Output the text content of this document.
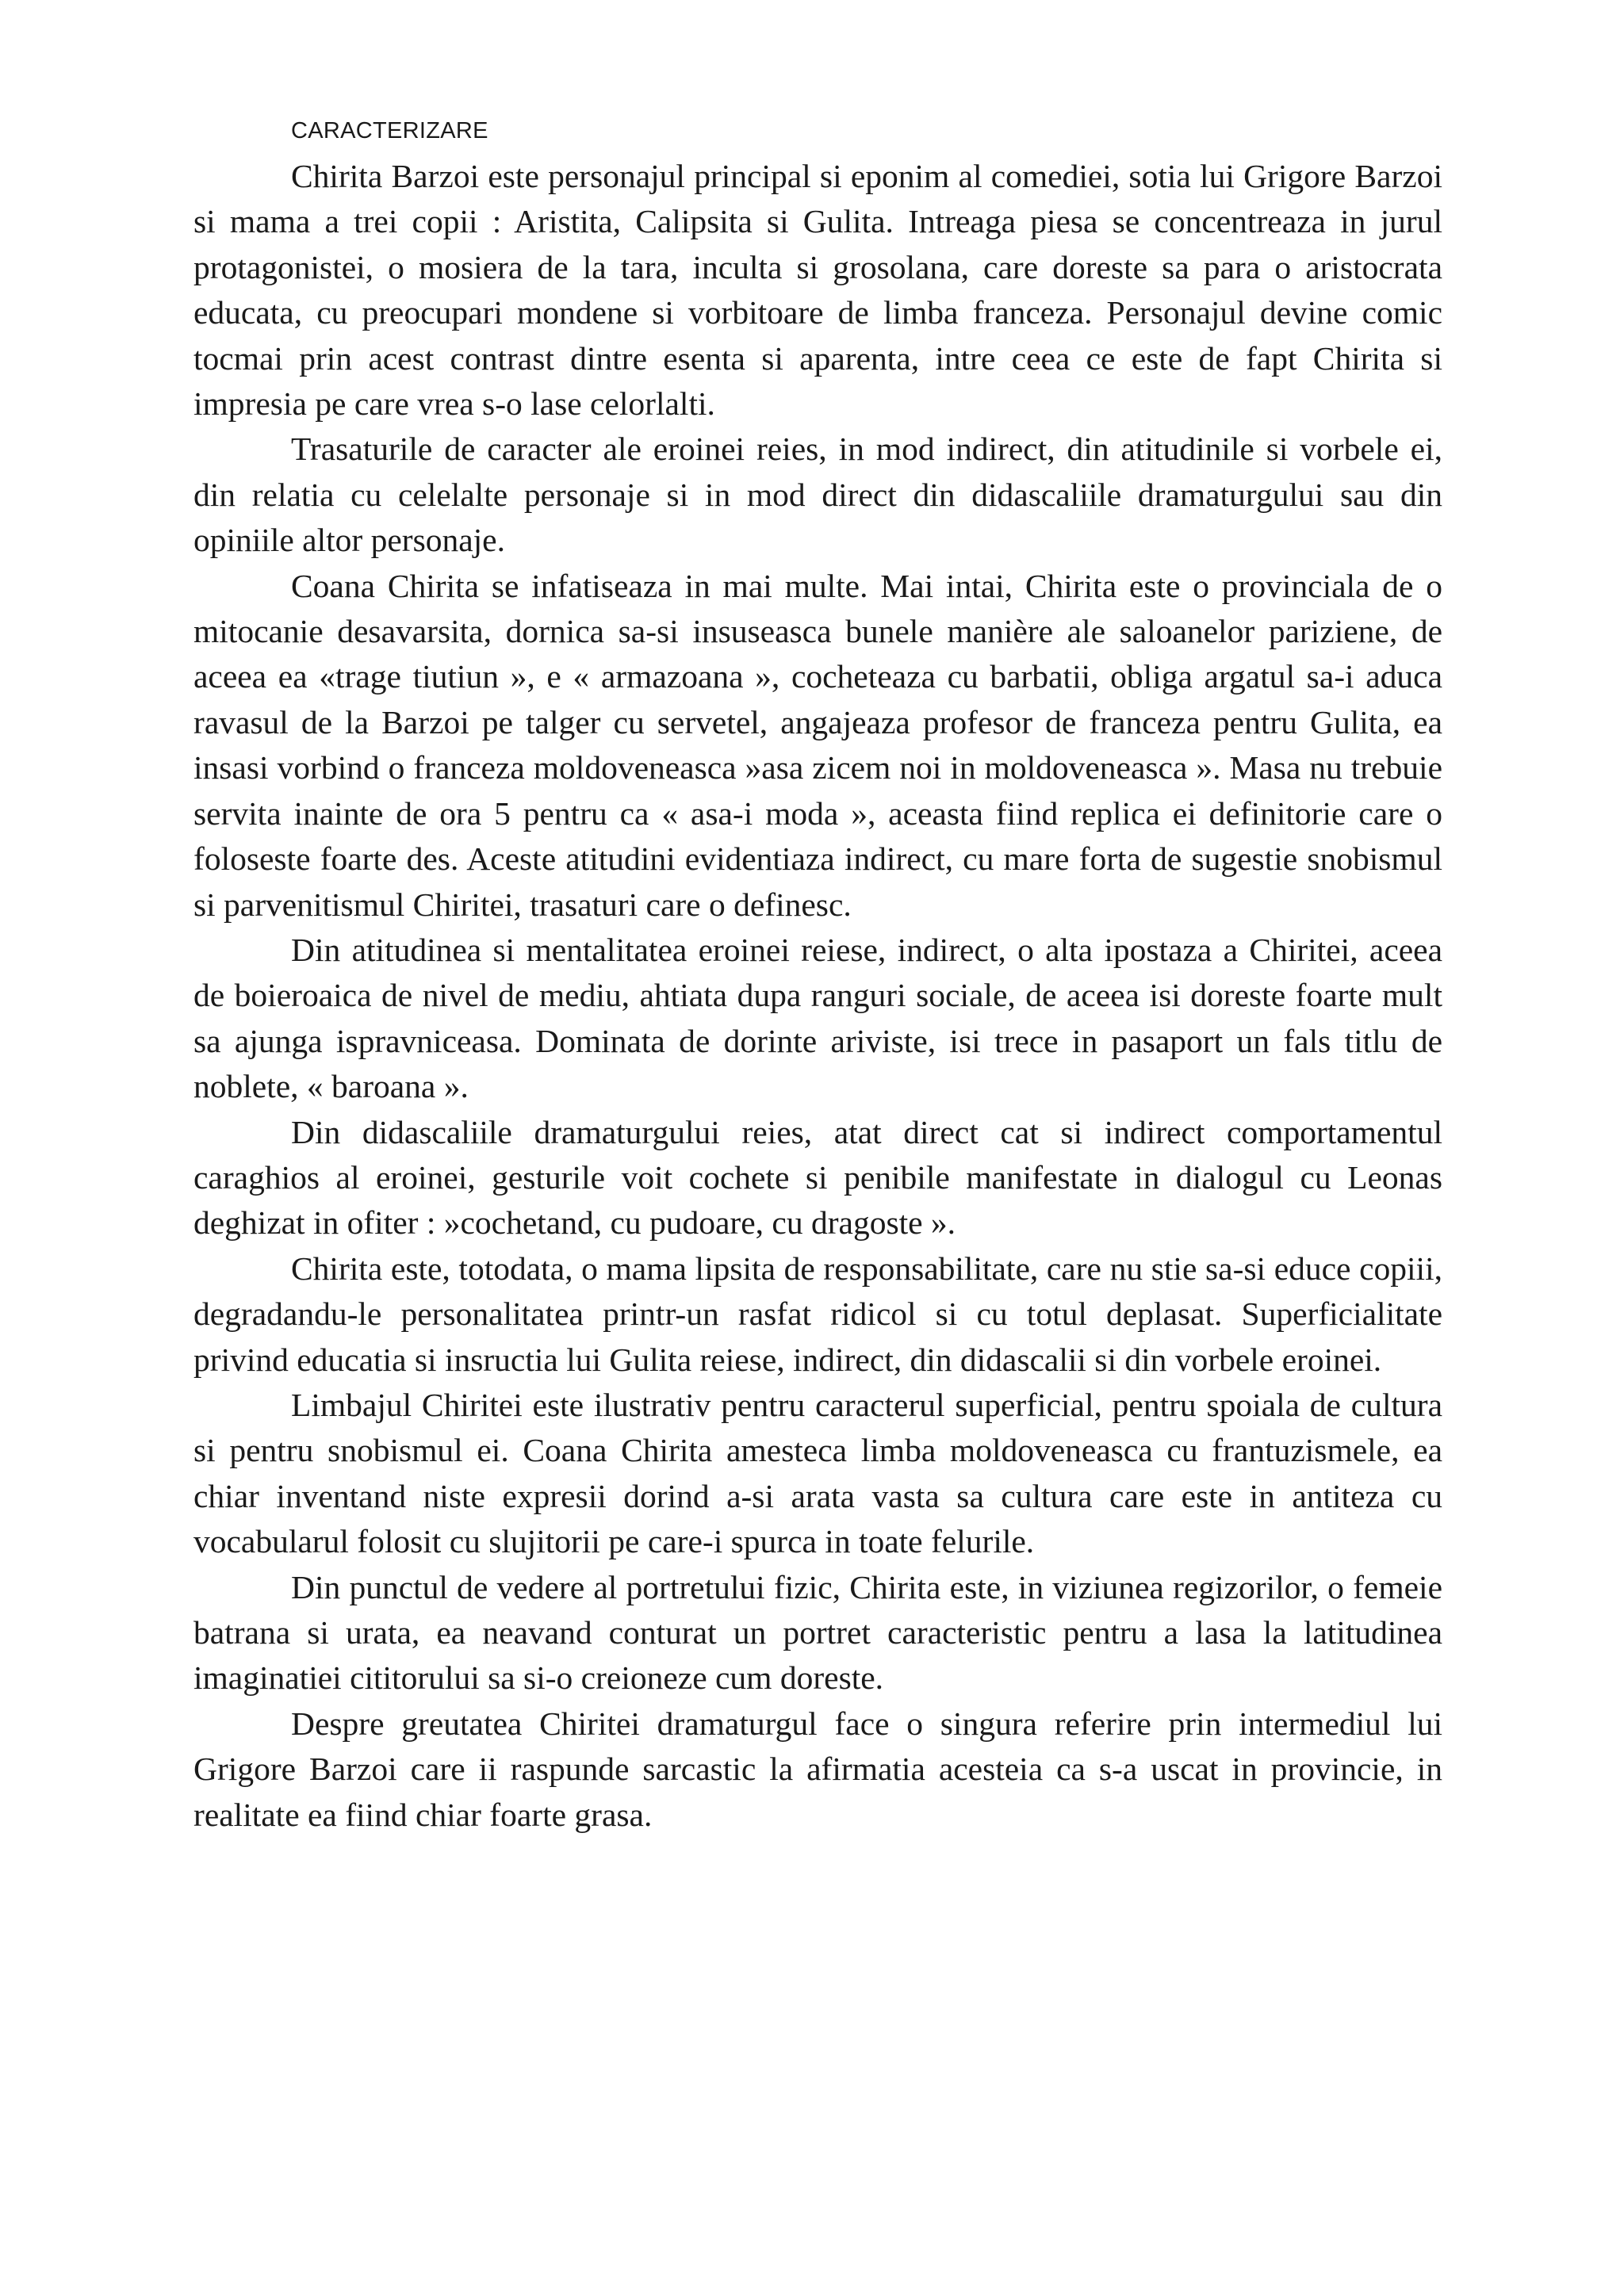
CARACTERIZARE

Chirita Barzoi este personajul principal si eponim al comediei, sotia lui Grigore Barzoi si mama a trei copii : Aristita, Calipsita si Gulita. Intreaga piesa se concentreaza in jurul protagonistei, o mosiera de la tara, inculta si grosolana, care doreste sa para o aristocrata educata, cu preocupari mondene si vorbitoare de limba franceza. Personajul devine comic tocmai prin acest contrast dintre esenta si aparenta, intre ceea ce este de fapt Chirita si impresia pe care vrea s-o lase celorlalti.

Trasaturile de caracter ale eroinei reies, in mod indirect, din atitudinile si vorbele ei, din relatia cu celelalte personaje si in mod direct din didascaliile dramaturgului sau din opiniile altor personaje.

Coana Chirita se infatiseaza in mai multe. Mai intai, Chirita este o provinciala de o mitocanie desavarsita, dornica sa-si insuseasca bunele manière ale saloanelor pariziene, de aceea ea «trage tiutiun », e « armazoana », cocheteaza cu barbatii, obliga argatul sa-i aduca ravasul de la Barzoi pe talger cu servetel, angajeaza profesor de franceza pentru Gulita, ea insasi vorbind o franceza moldoveneasca »asa zicem noi in moldoveneasca ». Masa nu trebuie servita inainte de ora 5 pentru ca « asa-i moda », aceasta fiind replica ei definitorie care o foloseste foarte des. Aceste atitudini evidentiaza indirect, cu mare forta de sugestie snobismul si parvenitismul Chiritei, trasaturi care o definesc.

Din atitudinea si mentalitatea eroinei reiese, indirect, o alta ipostaza a Chiritei, aceea de boieroaica de nivel de mediu, ahtiata dupa ranguri sociale, de aceea isi doreste foarte mult sa ajunga ispravniceasa. Dominata de dorinte ariviste, isi trece in pasaport un fals titlu de noblete, « baroana ».

Din didascaliile dramaturgului reies, atat direct cat si indirect comportamentul caraghios al eroinei, gesturile voit cochete si penibile manifestate in dialogul cu Leonas deghizat in ofiter : »cochetand, cu pudoare, cu dragoste ».

Chirita este, totodata, o mama lipsita de responsabilitate, care nu stie sa-si educe copiii, degradandu-le personalitatea printr-un rasfat ridicol si cu totul deplasat. Superficialitate privind educatia si insructia lui Gulita reiese, indirect, din didascalii si din vorbele eroinei.

Limbajul Chiritei este ilustrativ pentru caracterul superficial, pentru spoiala de cultura si pentru snobismul ei. Coana Chirita amesteca limba moldoveneasca cu frantuzismele, ea chiar inventand niste expresii dorind a-si arata vasta sa cultura care este in antiteza cu vocabularul folosit cu slujitorii pe care-i spurca in toate felurile.

Din punctul de vedere al portretului fizic, Chirita este, in viziunea regizorilor, o femeie batrana si urata, ea neavand conturat un portret caracteristic pentru a lasa la latitudinea imaginatiei cititorului sa si-o creioneze cum doreste.

Despre greutatea Chiritei dramaturgul face o singura referire prin intermediul lui Grigore Barzoi care ii raspunde sarcastic la afirmatia acesteia ca s-a uscat in provincie, in realitate ea fiind chiar foarte grasa.
